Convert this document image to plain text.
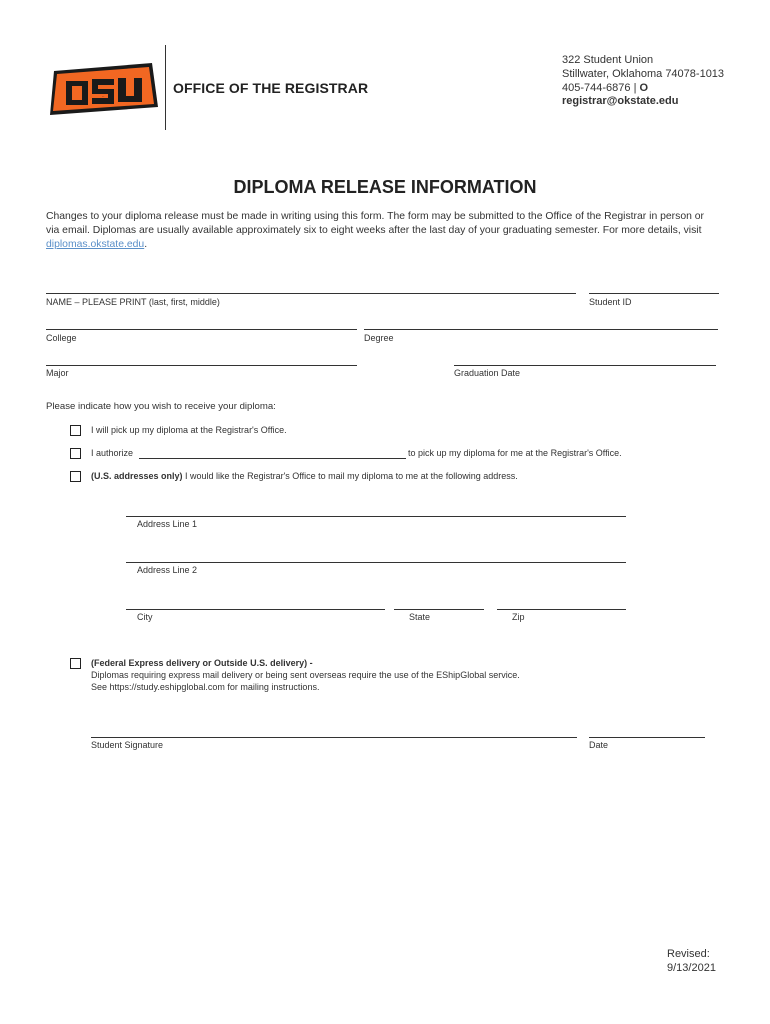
OSU
OFFICE OF THE REGISTRAR
322 Student Union
Stillwater, Oklahoma 74078-1013
405-744-6876 | O
registrar@okstate.edu
DIPLOMA RELEASE INFORMATION
Changes to your diploma release must be made in writing using this form. The form may be submitted to the Office of the Registrar in person or via email. Diplomas are usually available approximately six to eight weeks after the last day of your graduating semester. For more details, visit diplomas.okstate.edu.
NAME – PLEASE PRINT (last, first, middle)	Student ID
College	Degree
Major	Graduation Date
Please indicate how you wish to receive your diploma:
I will pick up my diploma at the Registrar's Office.
I authorize	to pick up my diploma for me at the Registrar's Office.
(U.S. addresses only) I would like the Registrar's Office to mail my diploma to me at the following address.
Address Line 1
Address Line 2
City	State	Zip
(Federal Express delivery or Outside U.S. delivery) -
Diplomas requiring express mail delivery or being sent overseas require the use of the EShipGlobal service.
See https://study.eshipglobal.com for mailing instructions.
Student Signature	Date
Revised:
9/13/2021
